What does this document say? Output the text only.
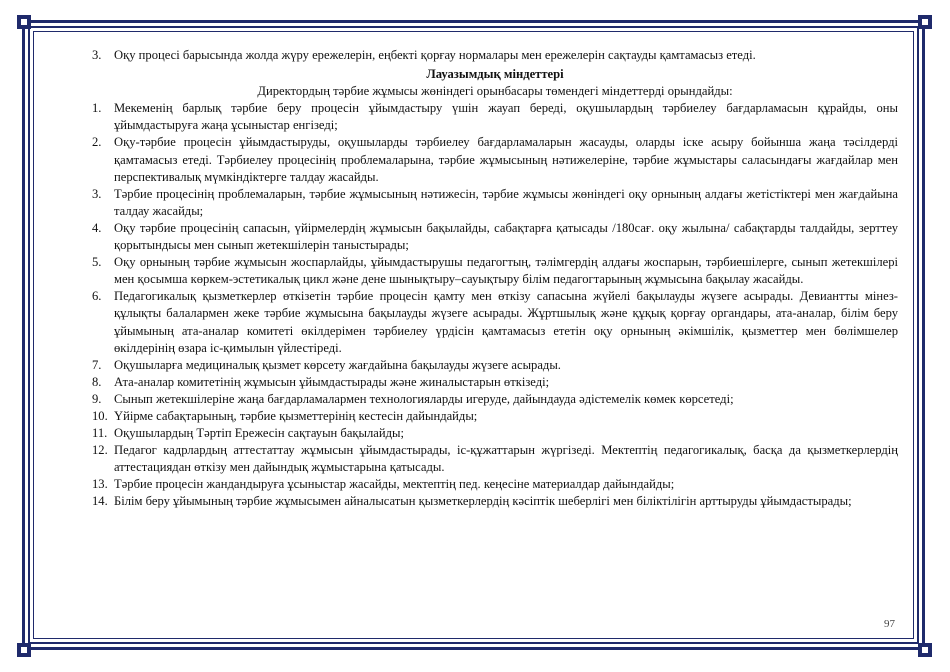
3. Оқу процесі барысында жолда жүру ережелерін, еңбекті қорғау нормалары мен ережелерін сақтауды қамтамасыз етеді.
Лауазымдық міндеттері
Директордың тәрбие жұмысы жөніндегі орынбасары төмендегі міндеттерді орындайды:
1. Мекеменің барлық тәрбие беру процесін ұйымдастыру үшін жауап береді, оқушылардың тәрбиелеу бағдарламасын құрайды, оны ұйымдастыруға жаңа ұсыныстар енгізеді;
2. Оқу-тәрбие процесін ұйымдастыруды, оқушыларды тәрбиелеу бағдарламаларын жасауды, оларды іске асыру бойынша жаңа тәсілдерді қамтамасыз етеді. Тәрбиелеу процесінің проблемаларына, тәрбие жұмысының нәтижелеріне, тәрбие жұмыстары саласындағы жағдайлар мен перспективалық мүмкіндіктерге талдау жасайды.
3. Тәрбие процесінің проблемаларын, тәрбие жұмысының нәтижесін, тәрбие жұмысы жөніндегі оқу орнының алдағы жетістіктері мен жағдайына талдау жасайды;
4. Оқу тәрбие процесінің сапасын, үйірмелердің жұмысын бақылайды, сабақтарға қатысады /180сағ. оқу жылына/ сабақтарды талдайды, зерттеу қорытындысы мен сынып жетекшілерін таныстырады;
5. Оқу орнының тәрбие жұмысын жоспарлайды, ұйымдастырушы педагогтың, тәлімгердің алдағы жоспарын, тәрбиешілерге, сынып жетекшілері мен қосымша көркем-эстетикалық цикл және дене шынықтыру–сауықтыру білім педагогтарының жұмысына бақылау жасайды.
6. Педагогикалық қызметкерлер өткізетін тәрбие процесін қамту мен өткізу сапасына жүйелі бақылауды жүзеге асырады. Девиантты мінез-құлықты балалармен жеке тәрбие жұмысына бақылауды жүзеге асырады. Жұртшылық және құқық қорғау органдары, ата-аналар, білім беру ұйымының ата-аналар комитеті өкілдерімен тәрбиелеу үрдісін қамтамасыз ететін оқу орнының әкімшілік, қызметтер мен бөлімшелер өкілдерінің өзара іс-қимылын үйлестіреді.
7. Оқушыларға медициналық қызмет көрсету жағдайына бақылауды жүзеге асырады.
8. Ата-аналар комитетінің жұмысын ұйымдастырады және жиналыстарын өткізеді;
9. Сынып жетекшілеріне жаңа бағдарламалармен технологияларды игеруде, дайындауда әдістемелік көмек көрсетеді;
10. Үйірме сабақтарының, тәрбие қызметтерінің кестесін дайындайды;
11. Оқушылардың Тәртіп Ережесін сақтауын бақылайды;
12. Педагог кадрлардың аттестаттау жұмысын ұйымдастырады, іс-құжаттарын жүргізеді. Мектептің педагогикалық, басқа да қызметкерлердің аттестациядан өткізу мен дайындық жұмыстарына қатысады.
13. Тәрбие процесін жандандыруға ұсыныстар жасайды, мектептің пед. кеңесіне материалдар дайындайды;
14. Білім беру ұйымының тәрбие жұмысымен айналысатын қызметкерлердің кәсіптік шеберлігі мен біліктілігін арттыруды ұйымдастырады;
97
